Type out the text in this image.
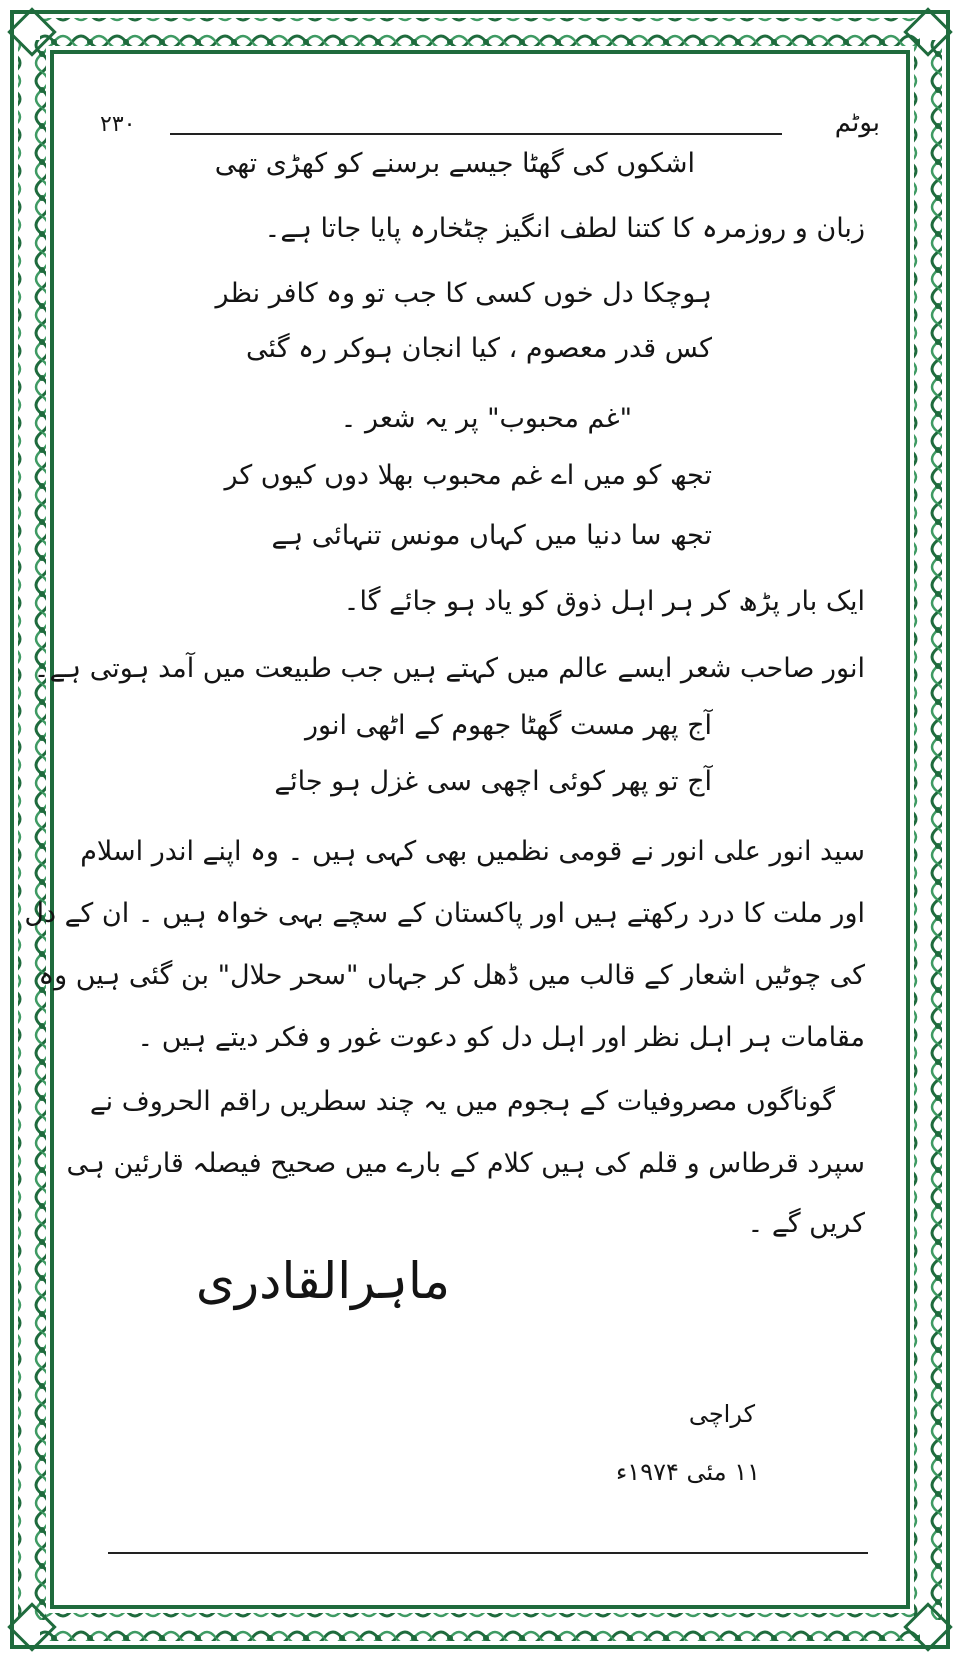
بوٹم
۲۳۰
اشکوں کی گھٹا جیسے برسنے کو کھڑی تھی
زبان و روزمرہ کا کتنا لطف انگیز چٹخارہ پایا جاتا ہے۔
ہوچکا دل خوں کسی کا جب تو وہ کافر نظر
کس قدر معصوم ، کیا انجان ہوکر رہ گئی
"غم محبوب" پر یہ شعر ۔
تجھ کو میں اے غم محبوب بھلا دوں کیوں کر
تجھ سا دنیا میں کہاں مونس تنہائی ہے
ایک بار پڑھ کر ہر اہل ذوق کو یاد ہو جائے گا۔
انور صاحب شعر ایسے عالم میں کہتے ہیں جب طبیعت میں آمد ہوتی ہے۔
آج پھر مست گھٹا جھوم کے اٹھی انور
آج تو پھر کوئی اچھی سی غزل ہو جائے
سید انور علی انور نے قومی نظمیں بھی کہی ہیں ۔ وہ اپنے اندر اسلام
اور ملت کا درد رکھتے ہیں اور پاکستان کے سچے بہی خواہ ہیں ۔ ان کے دل
کی چوٹیں اشعار کے قالب میں ڈھل کر جہاں "سحر حلال" بن گئی ہیں وہ
مقامات ہر اہل نظر اور اہل دل کو دعوت غور و فکر دیتے ہیں ۔
گوناگوں مصروفیات کے ہجوم میں یہ چند سطریں راقم الحروف نے
سپرد قرطاس و قلم کی ہیں کلام کے بارے میں صحیح فیصلہ قارئین ہی
کریں گے ۔
ماہرالقادری
کراچی
۱۱ مئی ۱۹۷۴ء
